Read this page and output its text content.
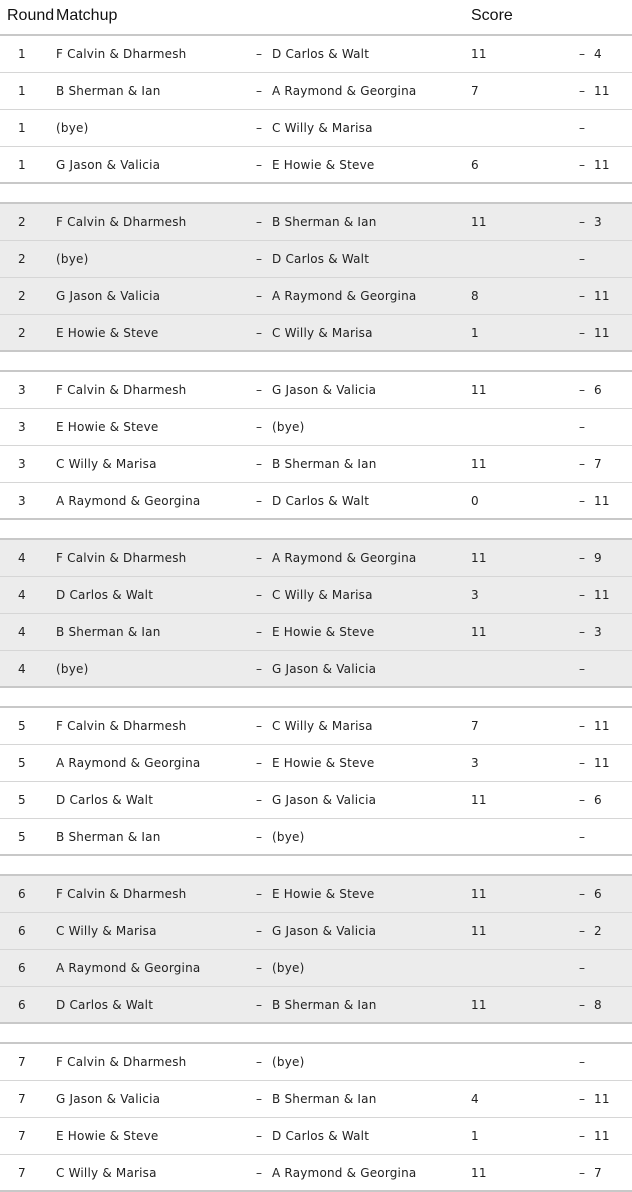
Round Matchup	Score
1	F Calvin & Dharmesh	– D Carlos & Walt	11	– 4
1	B Sherman & Ian	– A Raymond & Georgina	7	– 11
1	(bye)	– C Willy & Marisa	–
1	G Jason & Valicia	– E Howie & Steve	6	– 11
2	F Calvin & Dharmesh	– B Sherman & Ian	11	– 3
2	(bye)	– D Carlos & Walt	–
2	G Jason & Valicia	– A Raymond & Georgina	8	– 11
2	E Howie & Steve	– C Willy & Marisa	1	– 11
3	F Calvin & Dharmesh	– G Jason & Valicia	11	– 6
3	E Howie & Steve	– (bye)	–
3	C Willy & Marisa	– B Sherman & Ian	11	– 7
3	A Raymond & Georgina	– D Carlos & Walt	0	– 11
4	F Calvin & Dharmesh	– A Raymond & Georgina	11	– 9
4	D Carlos & Walt	– C Willy & Marisa	3	– 11
4	B Sherman & Ian	– E Howie & Steve	11	– 3
4	(bye)	– G Jason & Valicia	–
5	F Calvin & Dharmesh	– C Willy & Marisa	7	– 11
5	A Raymond & Georgina	– E Howie & Steve	3	– 11
5	D Carlos & Walt	– G Jason & Valicia	11	– 6
5	B Sherman & Ian	– (bye)	–
6	F Calvin & Dharmesh	– E Howie & Steve	11	– 6
6	C Willy & Marisa	– G Jason & Valicia	11	– 2
6	A Raymond & Georgina	– (bye)	–
6	D Carlos & Walt	– B Sherman & Ian	11	– 8
7	F Calvin & Dharmesh	– (bye)	–
7	G Jason & Valicia	– B Sherman & Ian	4	– 11
7	E Howie & Steve	– D Carlos & Walt	1	– 11
7	C Willy & Marisa	– A Raymond & Georgina	11	– 7
